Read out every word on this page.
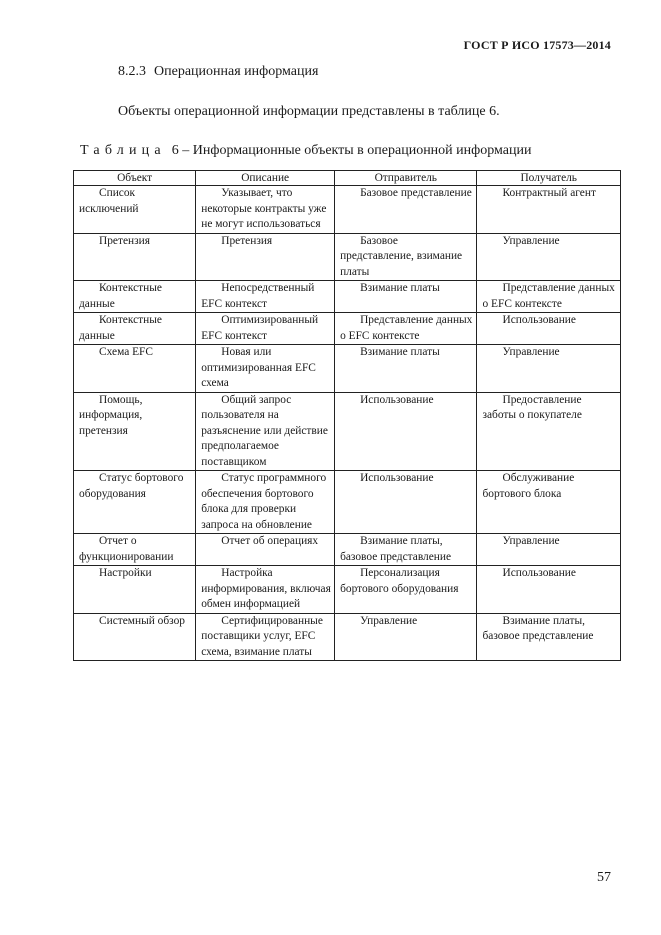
ГОСТ Р ИСО 17573—2014
8.2.3 Операционная информация
Объекты операционной информации представлены в таблице 6.
Таблица 6 – Информационные объекты в операционной информации
Объект	Описание	Отправитель	Получатель

Список исключений	Указывает, что некоторые контракты уже не могут использоваться	Базовое представление	Контрактный агент

Претензия	Претензия	Базовое представление, взимание платы	Управление

Контекстные данные	Непосредственный EFC контекст	Взимание платы	Представление данных о EFC контексте

Контекстные данные	Оптимизированный EFC контекст	Представление данных о EFC контексте	Использование

Схема EFC	Новая или оптимизированная EFC схема	Взимание платы	Управление

Помощь, информация, претензия	Общий запрос пользователя на разъяснение или действие предполагаемое поставщиком	Использование	Предоставление заботы о покупателе

Статус бортового оборудования	Статус программного обеспечения бортового блока для проверки запроса на обновление	Использование	Обслуживание бортового блока

Отчет о функционировании	Отчет об операциях	Взимание платы, базовое представление	Управление

Настройки	Настройка информирования, включая обмен информацией	Персонализация бортового оборудования	Использование

Системный обзор	Сертифицированные поставщики услуг, EFC схема, взимание платы	Управление	Взимание платы, базовое представление
57
